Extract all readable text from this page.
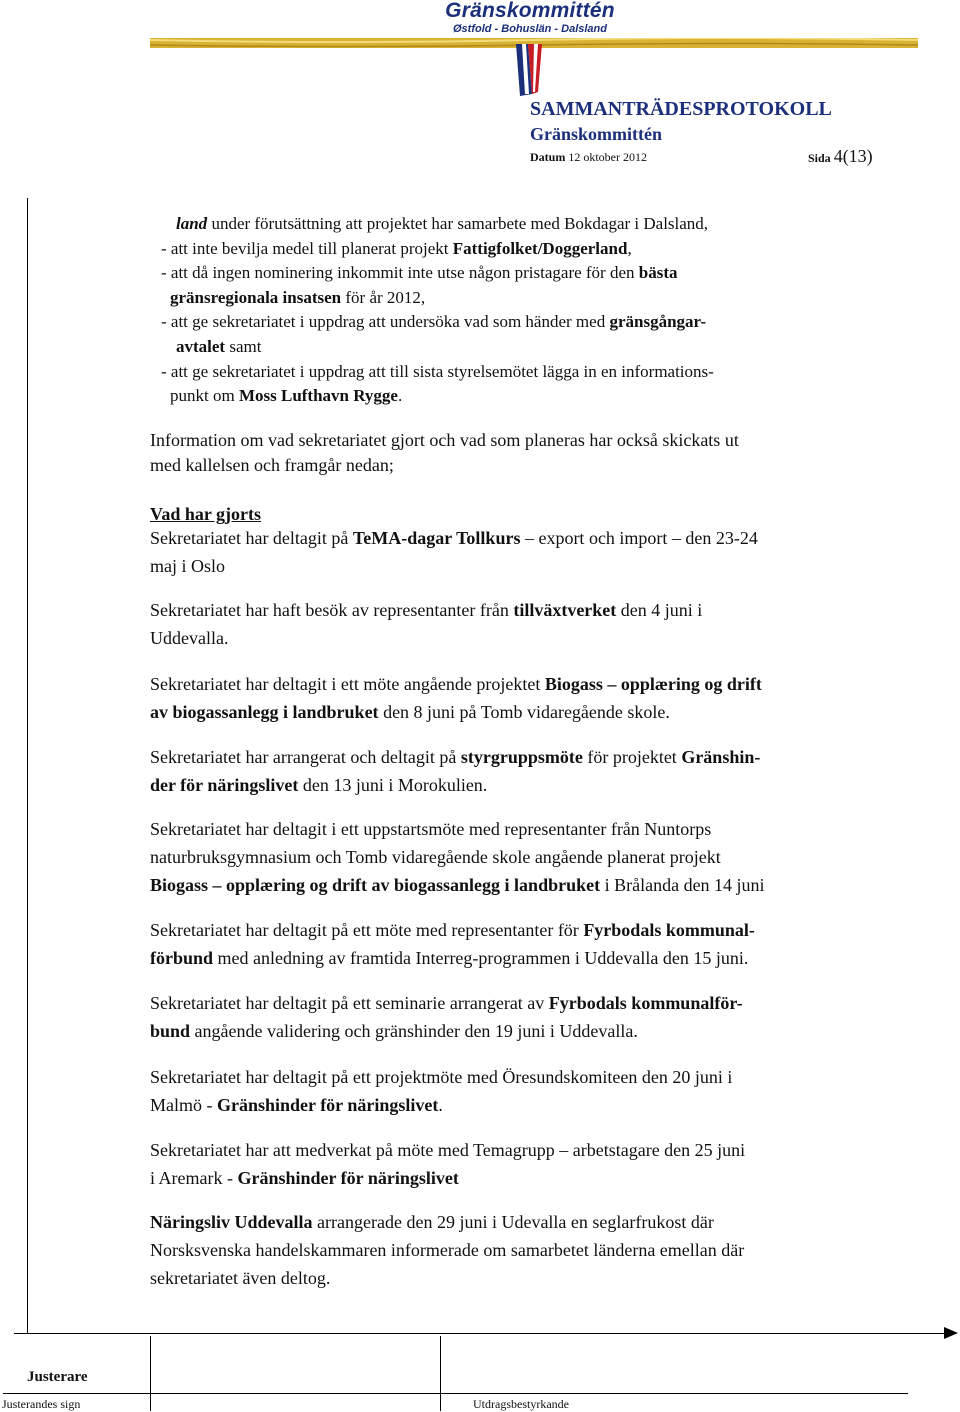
Gränskommittén
Østfold - Bohuslän - Dalsland
SAMMANTRÄDESPROTOKOLL
Gränskommittén
Datum 12 oktober 2012	Sida 4(13)
land under förutsättning att projektet har samarbete med Bokdagar i Dalsland,
- att inte bevilja medel till planerat projekt Fattigfolket/Doggerland,
- att då ingen nominering inkommit inte utse någon pristagare för den bästa
gränsregionala insatsen för år 2012,
- att ge sekretariatet i uppdrag att undersöka vad som händer med gränsgångar-
avtalet samt
- att ge sekretariatet i uppdrag att till sista styrelsemötet lägga in en informations-
punkt om Moss Lufthavn Rygge.
Information om vad sekretariatet gjort och vad som planeras har också skickats ut
med kallelsen och framgår nedan;
Vad har gjorts
Sekretariatet har deltagit på TeMA-dagar Tollkurs – export och import – den 23-24
maj i Oslo
Sekretariatet har haft besök av representanter från tillväxtverket den 4 juni i
Uddevalla.
Sekretariatet har deltagit i ett möte angående projektet Biogass – opplæring og drift
av biogassanlegg i landbruket den 8 juni på Tomb vidaregående skole.
Sekretariatet har arrangerat och deltagit på styrgruppsmöte för projektet Gränshin-
der för näringslivet den 13 juni i Morokulien.
Sekretariatet har deltagit i ett uppstartsmöte med representanter från Nuntorps
naturbruksgymnasium och Tomb vidaregående skole angående planerat projekt
Biogass – opplæring og drift av biogassanlegg i landbruket i Brålanda den 14 juni
Sekretariatet har deltagit på ett möte med representanter för Fyrbodals kommunal-
förbund med anledning av framtida Interreg-programmen i Uddevalla den 15 juni.
Sekretariatet har deltagit på ett seminarie arrangerat av Fyrbodals kommunalför-
bund angående validering och gränshinder den 19 juni i Uddevalla.
Sekretariatet har deltagit på ett projektmöte med Öresundskomiteen den 20 juni i
Malmö - Gränshinder för näringslivet.
Sekretariatet har att medverkat på möte med Temagrupp – arbetstagare den 25 juni
i Aremark - Gränshinder för näringslivet
Näringsliv Uddevalla arrangerade den 29 juni i Udevalla en seglarfrukost där
Norsksvenska handelskammaren informerade om samarbetet länderna emellan där
sekretariatet även deltog.
Justerare
Justerandes sign	Utdragsbestyrkande
